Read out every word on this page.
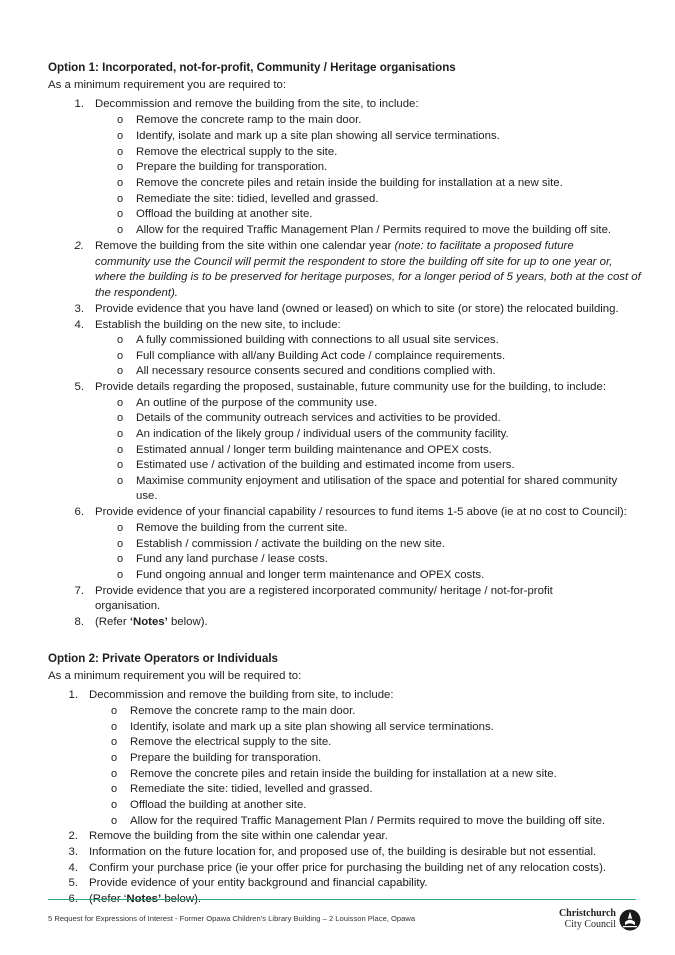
Option 1: Incorporated, not-for-profit, Community / Heritage organisations
As a minimum requirement you are required to:
1. Decommission and remove the building from the site, to include:
o Remove the concrete ramp to the main door.
o Identify, isolate and mark up a site plan showing all service terminations.
o Remove the electrical supply to the site.
o Prepare the building for transporation.
o Remove the concrete piles and retain inside the building for installation at a new site.
o Remediate the site: tidied, levelled and grassed.
o Offload the building at another site.
o Allow for the required Traffic Management Plan / Permits required to move the building off site.
2. Remove the building from the site within one calendar year (note: to facilitate a proposed future
community use the Council will permit the respondent to store the building off site for up to one year or,
where the building is to be preserved for heritage purposes, for a longer period of 5 years, both at the cost of
the respondent).
3. Provide evidence that you have land (owned or leased) on which to site (or store) the relocated building.
4. Establish the building on the new site, to include:
o A fully commissioned building with connections to all usual site services.
o Full compliance with all/any Building Act code / complaince requirements.
o All necessary resource consents secured and conditions complied with.
5. Provide details regarding the proposed, sustainable, future community use for the building, to include:
o An outline of the purpose of the community use.
o Details of the community outreach services and activities to be provided.
o An indication of the likely group / individual users of the community facility.
o Estimated annual / longer term building maintenance and OPEX costs.
o Estimated use / activation of the building and estimated income from users.
o Maximise community enjoyment and utilisation of the space and potential for shared community
use.
6. Provide evidence of your financial capability / resources to fund items 1-5 above (ie at no cost to Council):
o Remove the building from the current site.
o Establish / commission / activate the building on the new site.
o Fund any land purchase / lease costs.
o Fund ongoing annual and longer term maintenance and OPEX costs.
7. Provide evidence that you are a registered incorporated community/ heritage / not-for-profit
organisation.
8. (Refer ‘Notes’ below).
Option 2: Private Operators or Individuals
As a minimum requirement you will be required to:
1. Decommission and remove the building from site, to include:
o Remove the concrete ramp to the main door.
o Identify, isolate and mark up a site plan showing all service terminations.
o Remove the electrical supply to the site.
o Prepare the building for transporation.
o Remove the concrete piles and retain inside the building for installation at a new site.
o Remediate the site: tidied, levelled and grassed.
o Offload the building at another site.
o Allow for the required Traffic Management Plan / Permits required to move the building off site.
2. Remove the building from the site within one calendar year.
3. Information on the future location for, and proposed use of, the building is desirable but not essential.
4. Confirm your purchase price (ie your offer price for purchasing the building net of any relocation costs).
5. Provide evidence of your entity background and financial capability.
6. (Refer ‘Notes’ below).
5 Request for Expressions of Interest - Former Opawa Children’s Library Building – 2 Louisson Place, Opawa	Christchurch
City Council
